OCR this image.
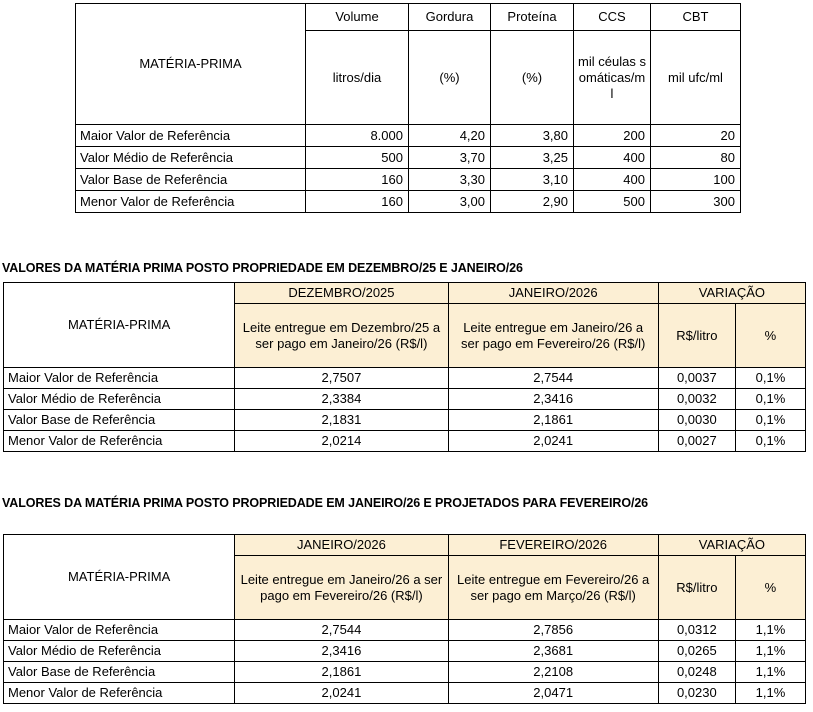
MATÉRIA-PRIMA	Volume	Gordura	Proteína	CCS	CBT
	litros/dia	(%)	(%)	mil céulas somáticas/ml	mil ufc/ml
Maior Valor de Referência	8.000	4,20	3,80	200	20
Valor Médio de Referência	500	3,70	3,25	400	80
Valor Base de Referência	160	3,30	3,10	400	100
Menor Valor de Referência	160	3,00	2,90	500	300
VALORES DA MATÉRIA PRIMA POSTO PROPRIEDADE EM DEZEMBRO/25 E JANEIRO/26
MATÉRIA-PRIMA	DEZEMBRO/2025	JANEIRO/2026	VARIAÇÃO	
	Leite entregue em Dezembro/25 a ser pago em Janeiro/26 (R$/l)	Leite entregue em Janeiro/26 a ser pago em Fevereiro/26 (R$/l)	R$/litro	%
Maior Valor de Referência	2,7507	2,7544	0,0037	0,1%
Valor Médio de Referência	2,3384	2,3416	0,0032	0,1%
Valor Base de Referência	2,1831	2,1861	0,0030	0,1%
Menor Valor de Referência	2,0214	2,0241	0,0027	0,1%
VALORES DA MATÉRIA PRIMA POSTO PROPRIEDADE EM JANEIRO/26 E PROJETADOS PARA FEVEREIRO/26
MATÉRIA-PRIMA	JANEIRO/2026	FEVEREIRO/2026	VARIAÇÃO	
	Leite entregue em Janeiro/26 a ser pago em Fevereiro/26 (R$/l)	Leite entregue em Fevereiro/26 a ser pago em Março/26 (R$/l)	R$/litro	%
Maior Valor de Referência	2,7544	2,7856	0,0312	1,1%
Valor Médio de Referência	2,3416	2,3681	0,0265	1,1%
Valor Base de Referência	2,1861	2,2108	0,0248	1,1%
Menor Valor de Referência	2,0241	2,0471	0,0230	1,1%
